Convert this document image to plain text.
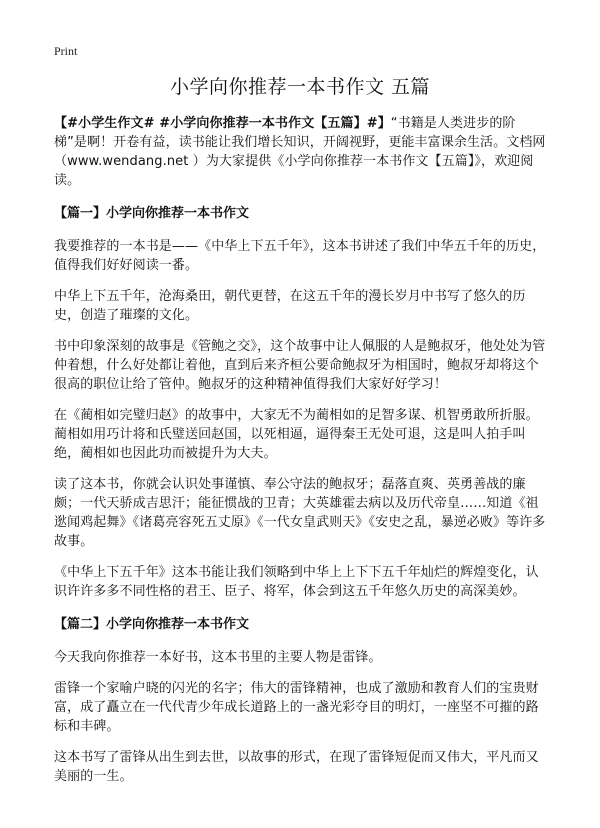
Print
小学向你推荐一本书作文 五篇

【#小学生作文# #小学向你推荐一本书作文【五篇】#】“书籍是人类进步的阶梯”是啊！开卷有益，读书能让我们增长知识，开阔视野，更能丰富课余生活。文档网（www.wendang.net ）为大家提供《小学向你推荐一本书作文【五篇】》，欢迎阅读。

【篇一】小学向你推荐一本书作文

我要推荐的一本书是——《中华上下五千年》，这本书讲述了我们中华五千年的历史，值得我们好好阅读一番。

中华上下五千年，沧海桑田，朝代更替，在这五千年的漫长岁月中书写了悠久的历史，创造了璀璨的文化。

书中印象深刻的故事是《管鲍之交》，这个故事中让人佩服的人是鲍叔牙，他处处为管仲着想，什么好处都让着他，直到后来齐桓公要命鲍叔牙为相国时，鲍叔牙却将这个很高的职位让给了管仲。鲍叔牙的这种精神值得我们大家好好学习！

在《蔺相如完璧归赵》的故事中，大家无不为蔺相如的足智多谋、机智勇敢所折服。蔺相如用巧计将和氏璧送回赵国，以死相逼，逼得秦王无处可退，这是叫人拍手叫绝，蔺相如也因此功而被提升为大夫。

读了这本书，你就会认识处事谨慎、奉公守法的鲍叔牙；磊落直爽、英勇善战的廉颇；一代天骄成吉思汗；能征惯战的卫青；大英雄霍去病以及历代帝皇……知道《祖逖闻鸡起舞》《诸葛亮容死五丈原》《一代女皇武则天》《安史之乱，暴逆必败》等许多故事。

《中华上下五千年》这本书能让我们领略到中华上上下下五千年灿烂的辉煌变化，认识许许多多不同性格的君王、臣子、将军，体会到这五千年悠久历史的高深美妙。

【篇二】小学向你推荐一本书作文

今天我向你推荐一本好书，这本书里的主要人物是雷锋。

雷锋一个家喻户晓的闪光的名字；伟大的雷锋精神，也成了激励和教育人们的宝贵财富，成了矗立在一代代青少年成长道路上的一盏光彩夺目的明灯，一座坚不可摧的路标和丰碑。

这本书写了雷锋从出生到去世，以故事的形式，在现了雷锋短促而又伟大，平凡而又美丽的一生。
